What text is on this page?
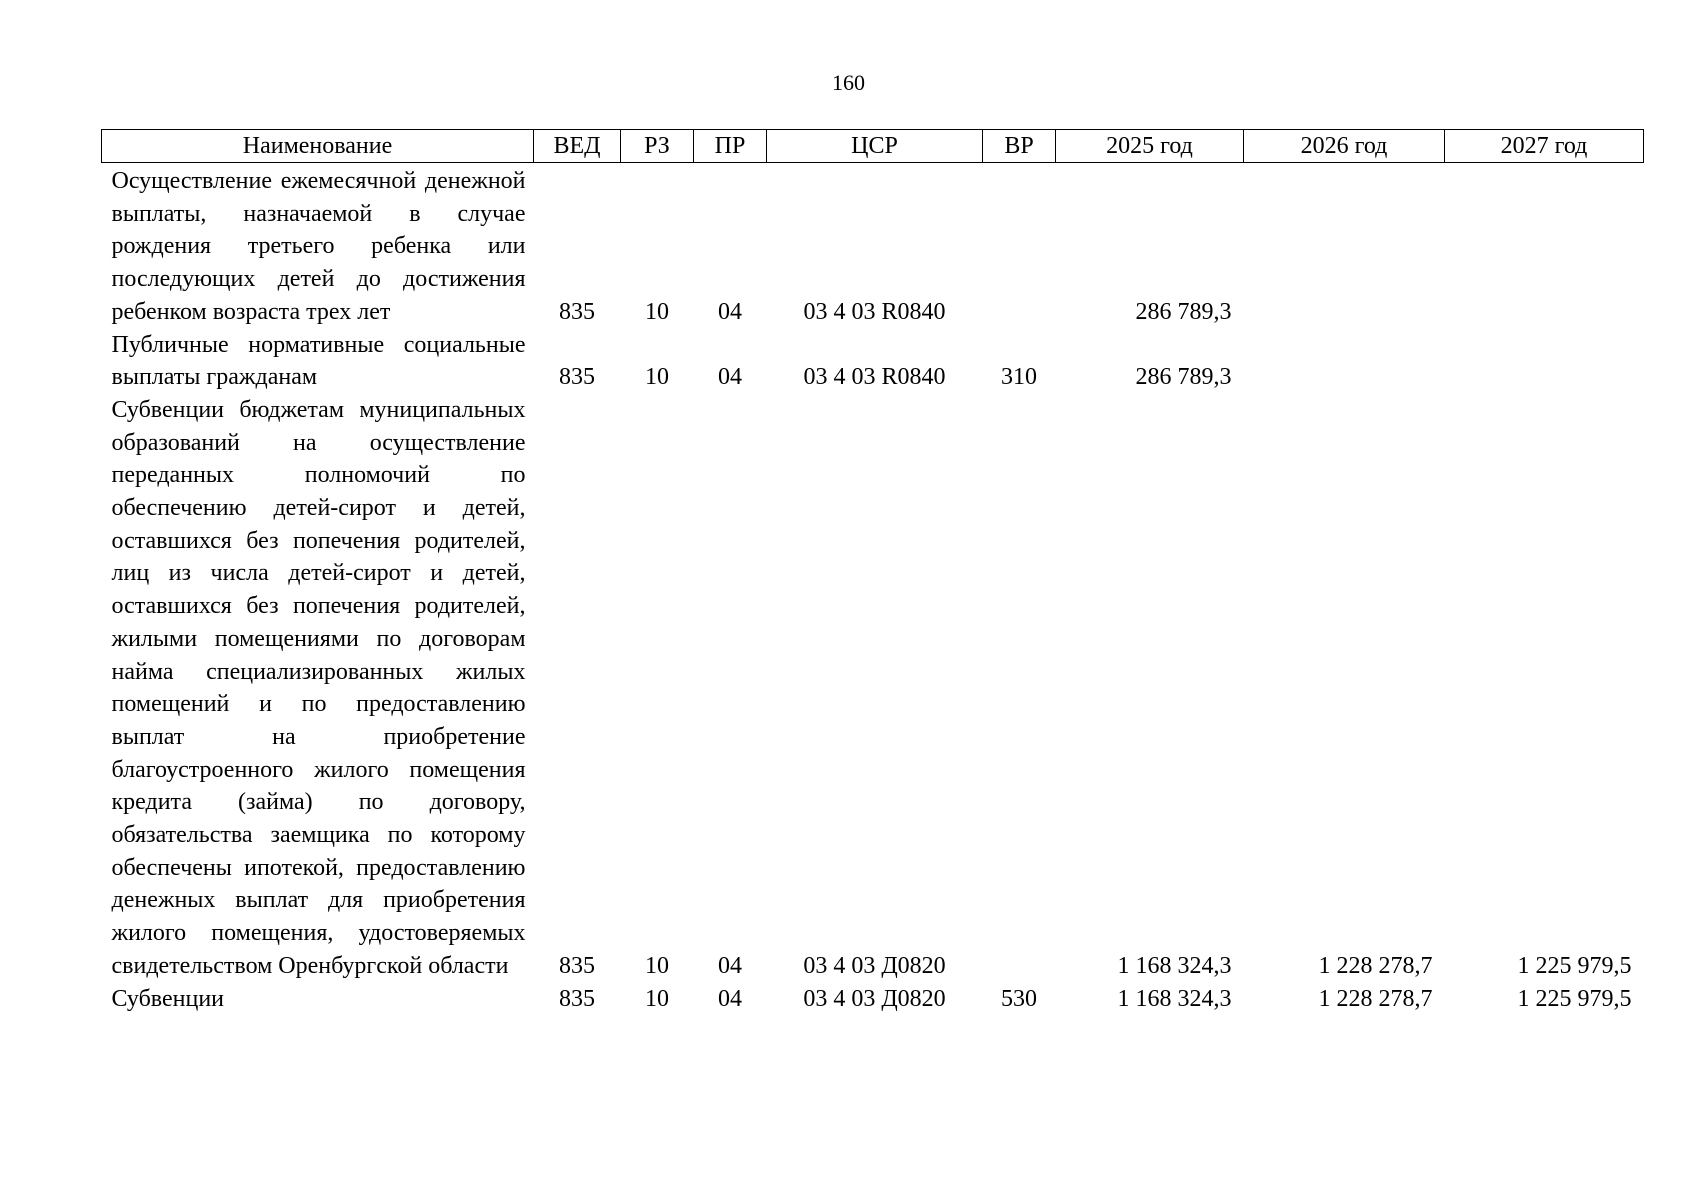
160
Наименование	ВЕД	РЗ	ПР	ЦСР	ВР	2025 год	2026 год	2027 год
Осуществление ежемесячной денежной выплаты, назначаемой в случае рождения третьего ребенка или последующих детей до достижения ребенком возраста трех лет	835	10	04	03 4 03 R0840		286 789,3		
Публичные нормативные социальные выплаты гражданам	835	10	04	03 4 03 R0840	310	286 789,3		
Субвенции бюджетам муниципальных образований на осуществление переданных полномочий по обеспечению детей-сирот и детей, оставшихся без попечения родителей, лиц из числа детей-сирот и детей, оставшихся без попечения родителей, жилыми помещениями по договорам найма специализированных жилых помещений и по предоставлению выплат на приобретение благоустроенного жилого помещения кредита (займа) по договору, обязательства заемщика по которому обеспечены ипотекой, предоставлению денежных выплат для приобретения жилого помещения, удостоверяемых свидетельством Оренбургской области	835	10	04	03 4 03 Д0820		1 168 324,3	1 228 278,7	1 225 979,5
Субвенции	835	10	04	03 4 03 Д0820	530	1 168 324,3	1 228 278,7	1 225 979,5
